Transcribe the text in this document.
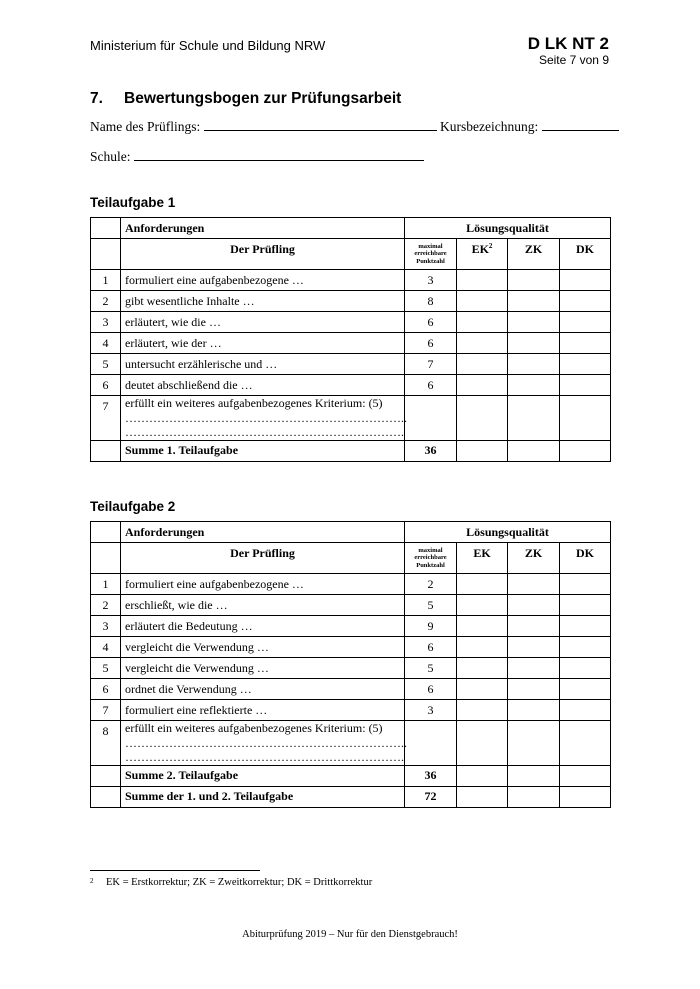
Ministerium für Schule und Bildung NRW	D LK NT 2
Seite 7 von 9
7. Bewertungsbogen zur Prüfungsarbeit
Name des Prüflings:	Kursbezeichnung:
Schule:
Teilaufgabe 1
	Anforderungen	Lösungsqualität			
	Der Prüfling	maximal
erreichbare
Punktzahl	$EK^2$	ZK	DK
1	formuliert eine aufgabenbezogene …	3			
2	gibt wesentliche Inhalte …	8			
3	erläutert, wie die …	6			
4	erläutert, wie der …	6			
5	untersucht erzählerische und …	7			
6	deutet abschließend die …	6			
7	erfüllt ein weiteres aufgabenbezogenes Kriterium: (5)
……………………………………………………………..
…………………………………………………………….				

	Summe 1. Teilaufgabe	36			
Teilaufgabe 2
	Anforderungen	Lösungsqualität			
	Der Prüfling	maximal
erreichbare
Punktzahl	EK	ZK	DK
1	formuliert eine aufgabenbezogene …	2			
2	erschließt, wie die …	5			
3	erläutert die Bedeutung …	9			
4	vergleicht die Verwendung …	6			
5	vergleicht die Verwendung …	5			
6	ordnet die Verwendung …	6			
7	formuliert eine reflektierte …	3			
8	erfüllt ein weiteres aufgabenbezogenes Kriterium: (5)
……………………………………………………………..
…………………………………………………………….				

	Summe 2. Teilaufgabe	36			
	Summe der 1. und 2. Teilaufgabe	72			
2 EK = Erstkorrektur; ZK = Zweitkorrektur; DK = Drittkorrektur
Abiturprüfung 2019 – Nur für den Dienstgebrauch!
